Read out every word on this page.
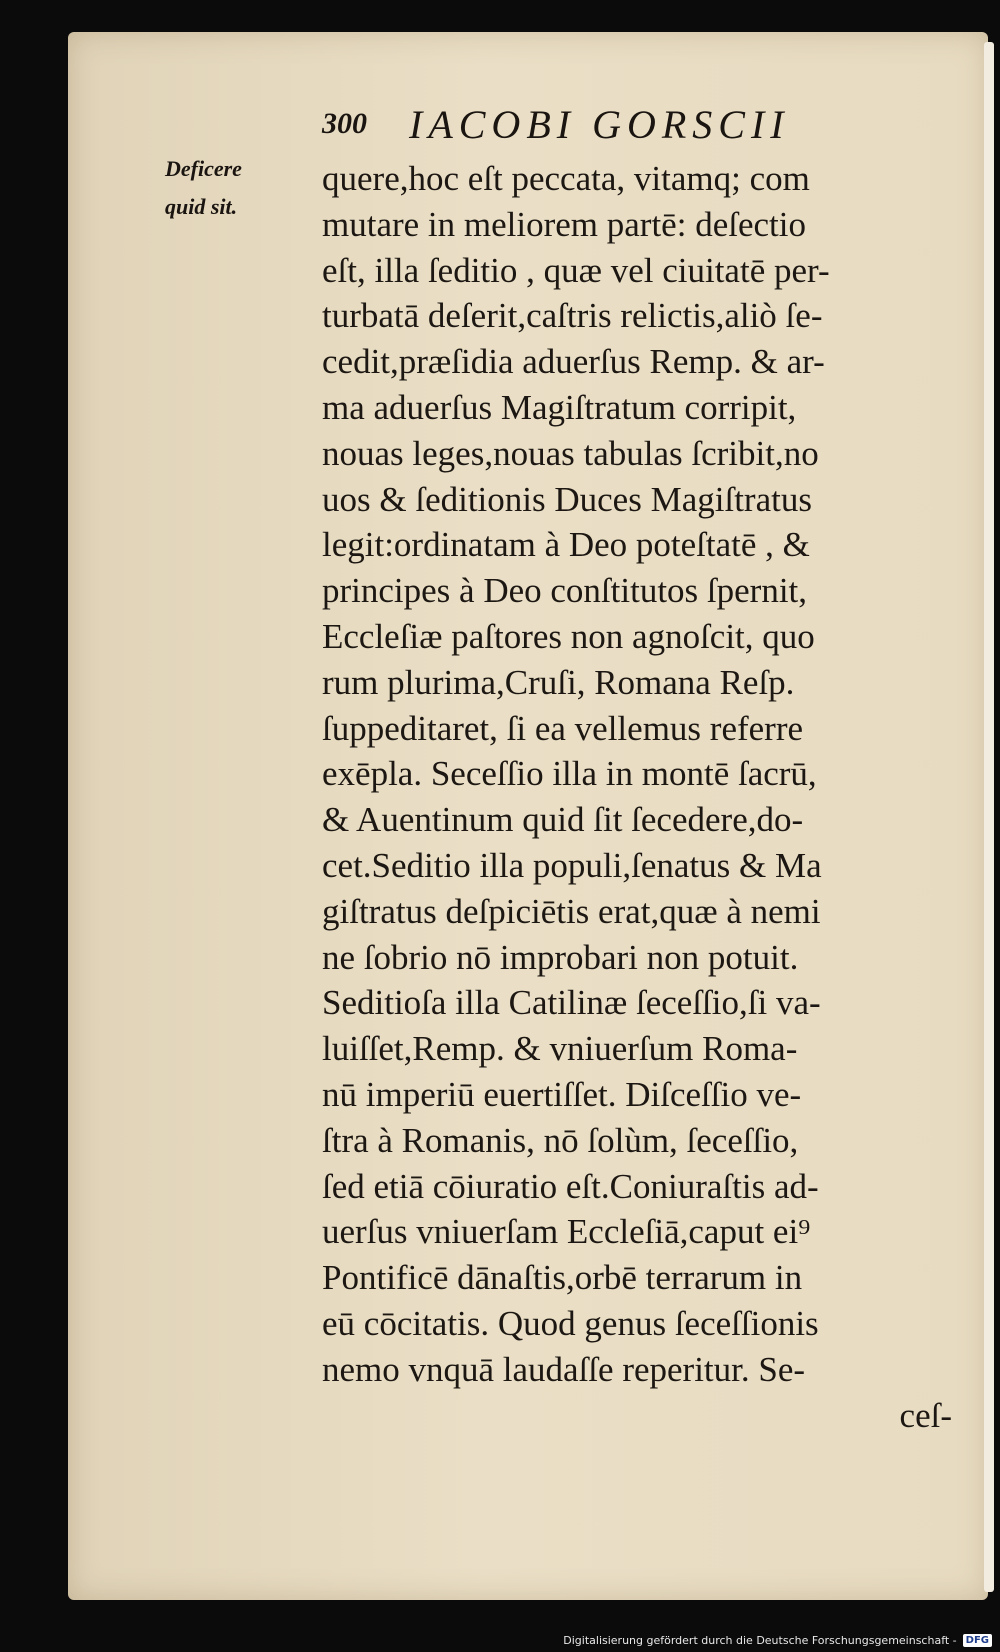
300 IACOBI GORSCII
Deficere
quid sit.
quere,hoc eſt peccata, vitamq; com
mutare in meliorem partē: deſectio
eſt, illa ſeditio , quæ vel ciuitatē per-
turbatā deſerit,caſtris relictis,aliò ſe-
cedit,præſidia aduerſus Remp. & ar-
ma aduerſus Magiſtratum corripit,
nouas leges,nouas tabulas ſcribit,no
uos & ſeditionis Duces Magiſtratus
legit:ordinatam à Deo poteſtatē , &
principes à Deo conſtitutos ſpernit,
Eccleſiæ paſtores non agnoſcit, quo
rum plurima,Cruſi, Romana Reſp.
ſuppeditaret, ſi ea vellemus referre
exēpla. Seceſſio illa in montē ſacrū,
& Auentinum quid ſit ſecedere,do-
cet.Seditio illa populi,ſenatus & Ma
giſtratus deſpiciētis erat,quæ à nemi
ne ſobrio nō improbari non potuit.
Seditioſa illa Catilinæ ſeceſſio,ſi va-
luiſſet,Remp. & vniuerſum Roma-
nū imperiū euertiſſet. Diſceſſio ve-
ſtra à Romanis, nō ſolùm, ſeceſſio,
ſed etiā cōiuratio eſt.Coniuraſtis ad-
uerſus vniuerſam Eccleſiā,caput ei⁹
Pontificē dānaſtis,orbē terrarum in
eū cōcitatis. Quod genus ſeceſſionis
nemo vnquā laudaſſe reperitur. Se-
ceſ-
Digitalisierung gefördert durch die Deutsche Forschungsgemeinschaft - DFG
